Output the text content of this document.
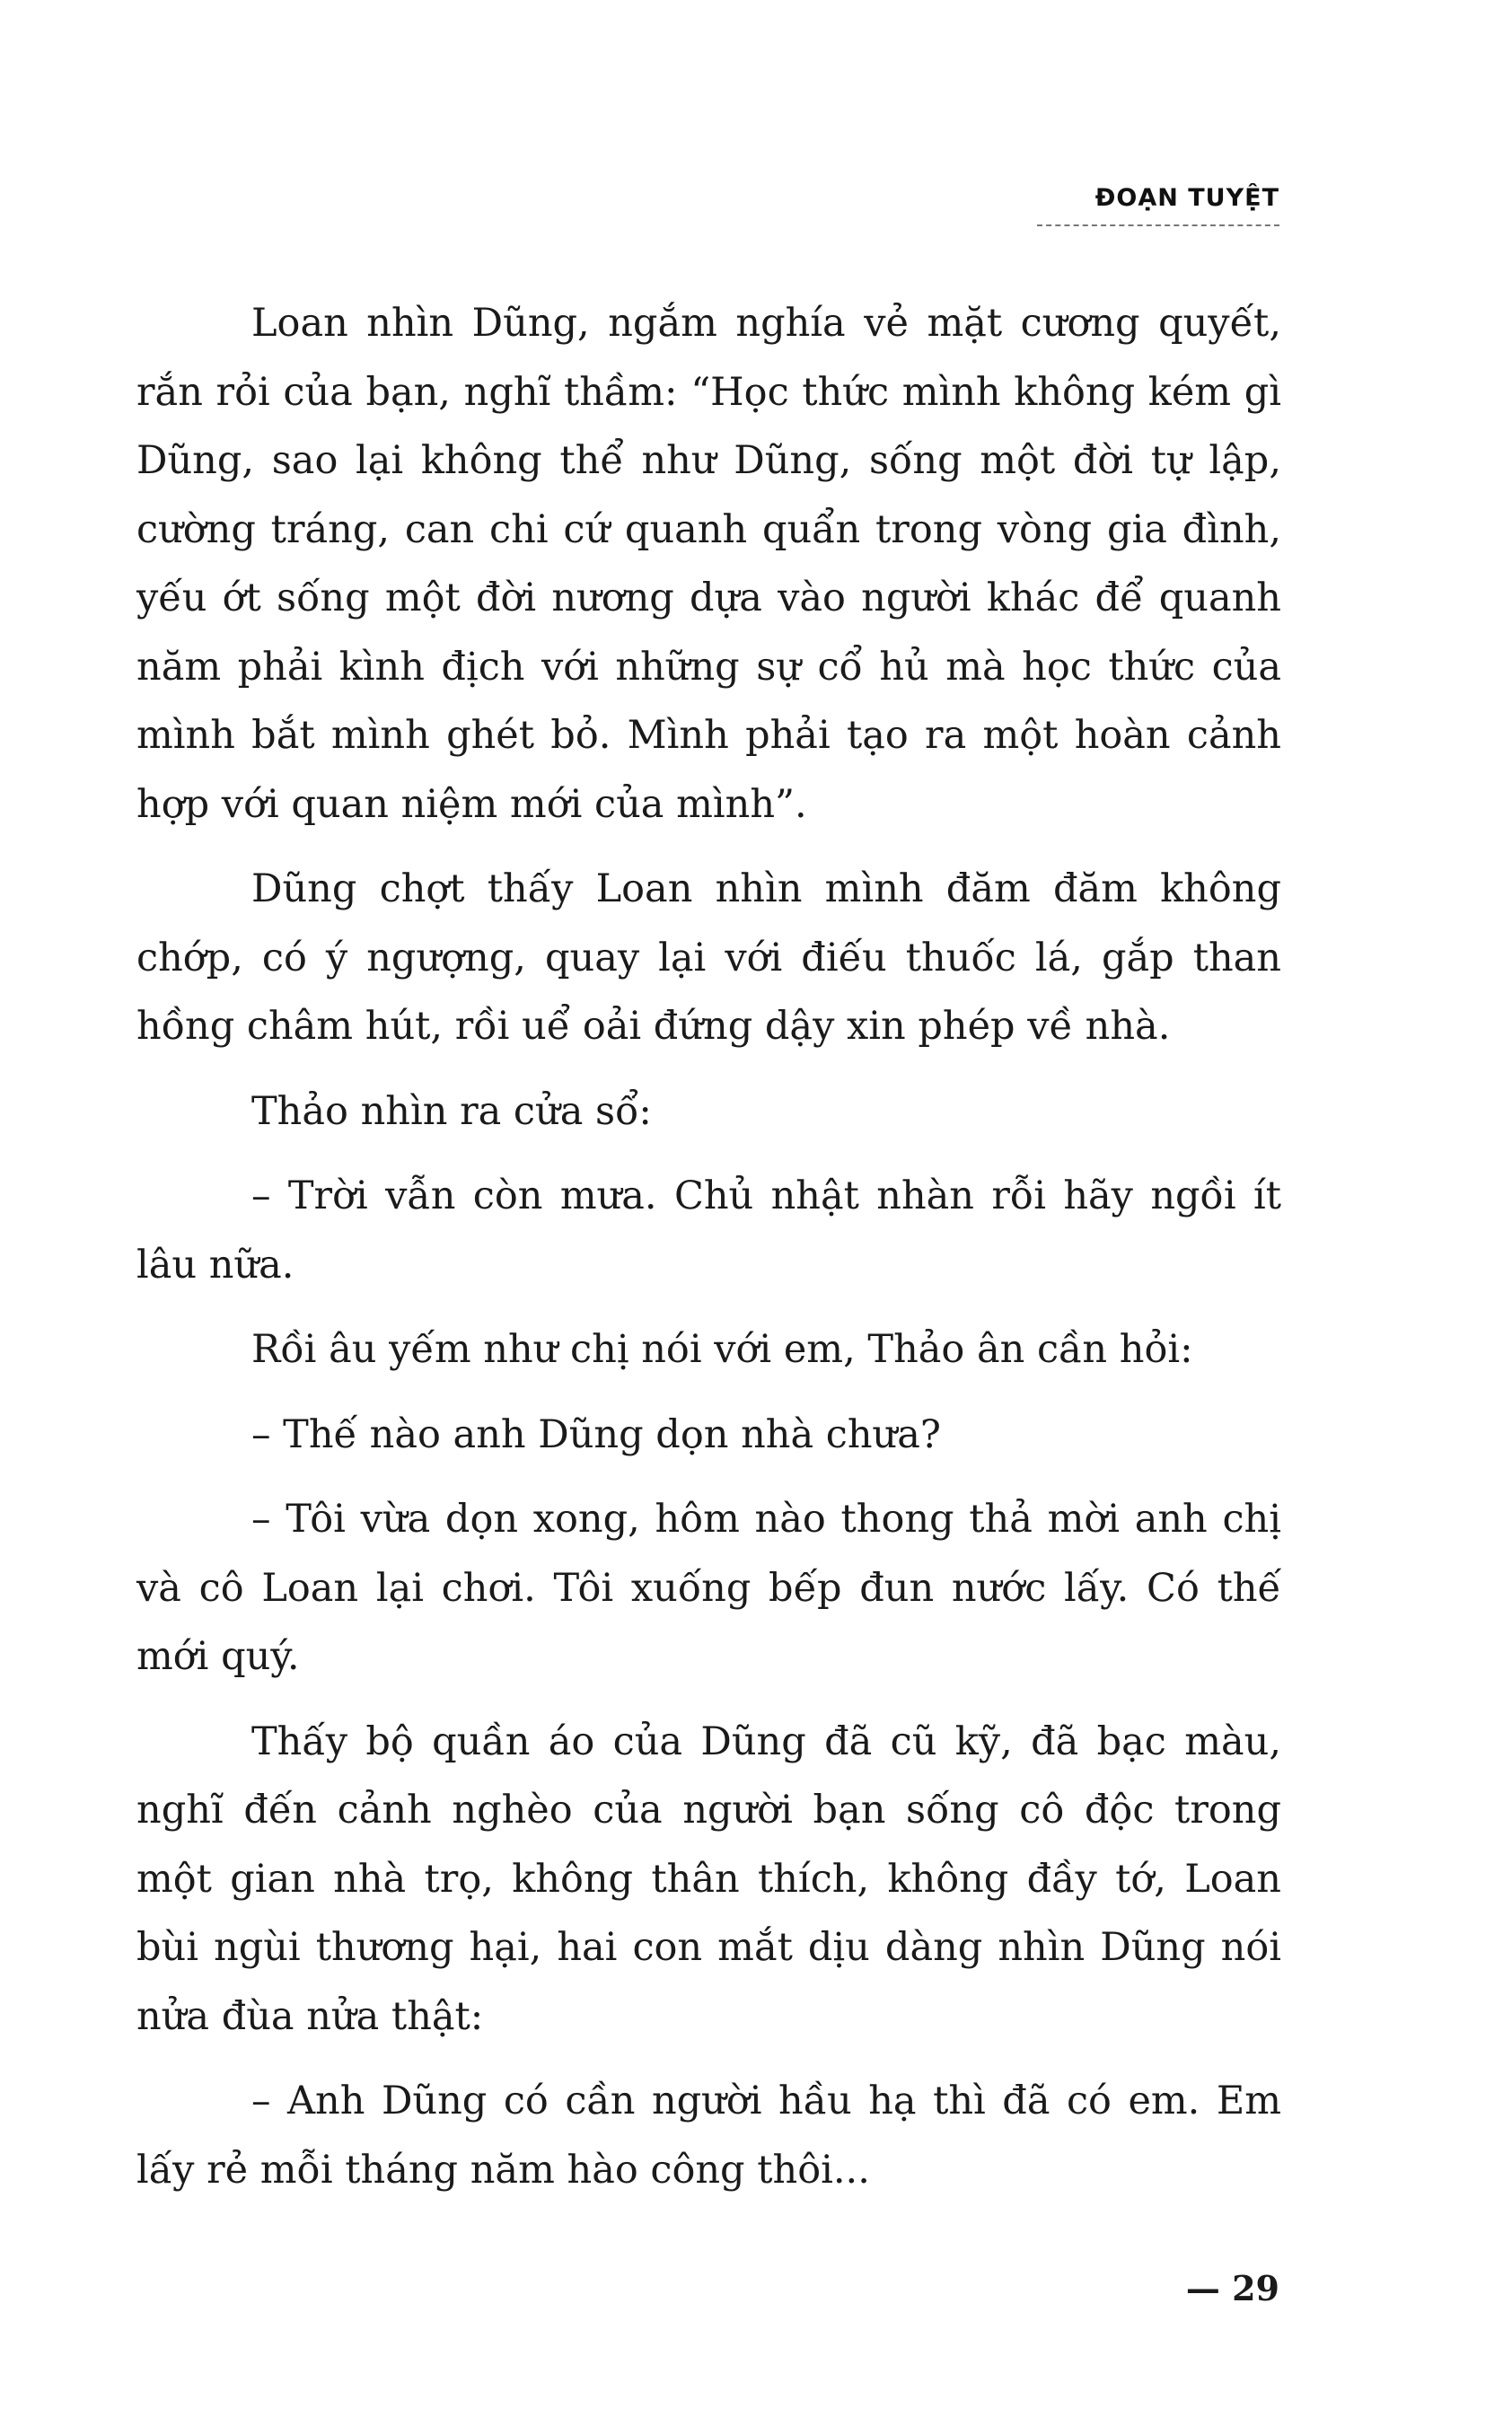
ĐOẠN TUYỆT

Loan nhìn Dũng, ngắm nghía vẻ mặt cương quyết, rắn rỏi của bạn, nghĩ thầm: “Học thức mình không kém gì Dũng, sao lại không thể như Dũng, sống một đời tự lập, cường tráng, can chi cứ quanh quẩn trong vòng gia đình, yếu ớt sống một đời nương dựa vào người khác để quanh năm phải kình địch với những sự cổ hủ mà học thức của mình bắt mình ghét bỏ. Mình phải tạo ra một hoàn cảnh hợp với quan niệm mới của mình”.

Dũng chợt thấy Loan nhìn mình đăm đăm không chớp, có ý ngượng, quay lại với điếu thuốc lá, gắp than hồng châm hút, rồi uể oải đứng dậy xin phép về nhà.

Thảo nhìn ra cửa sổ:

– Trời vẫn còn mưa. Chủ nhật nhàn rỗi hãy ngồi ít lâu nữa.

Rồi âu yếm như chị nói với em, Thảo ân cần hỏi:

– Thế nào anh Dũng dọn nhà chưa?

– Tôi vừa dọn xong, hôm nào thong thả mời anh chị và cô Loan lại chơi. Tôi xuống bếp đun nước lấy. Có thế mới quý.

Thấy bộ quần áo của Dũng đã cũ kỹ, đã bạc màu, nghĩ đến cảnh nghèo của người bạn sống cô độc trong một gian nhà trọ, không thân thích, không đầy tớ, Loan bùi ngùi thương hại, hai con mắt dịu dàng nhìn Dũng nói nửa đùa nửa thật:

– Anh Dũng có cần người hầu hạ thì đã có em. Em lấy rẻ mỗi tháng năm hào công thôi...

— 29
